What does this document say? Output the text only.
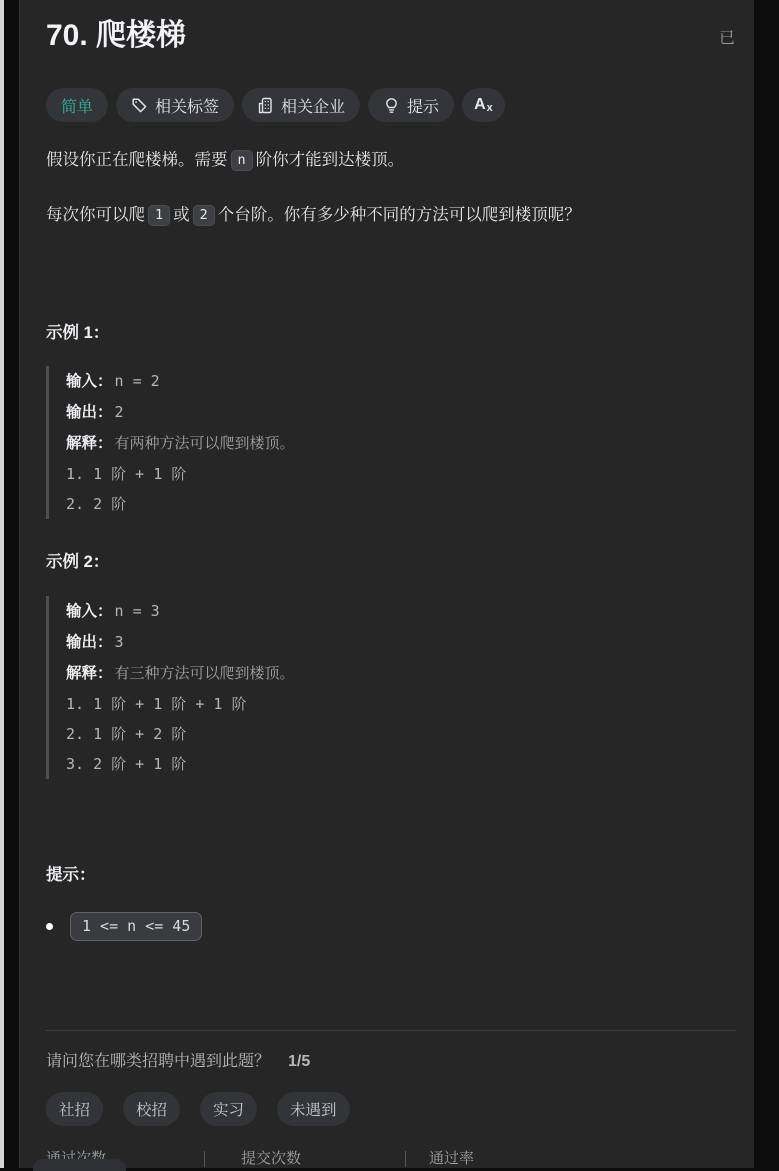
70. 爬楼梯	已
简单	相关标签	相关企业	提示 Ax

假设你正在爬楼梯。需要 n 阶你才能到达楼顶。

每次你可以爬 1 或 2 个台阶。你有多少种不同的方法可以爬到楼顶呢？

示例 1：
输入： n = 2
输出： 2
解释： 有两种方法可以爬到楼顶。
1. 1 阶 + 1 阶
2. 2 阶
示例 2：
输入： n = 3
输出： 3
解释： 有三种方法可以爬到楼顶。
1. 1 阶 + 1 阶 + 1 阶
2. 1 阶 + 2 阶
3. 2 阶 + 1 阶
提示：
1 <= n <= 45
请问您在哪类招聘中遇到此题？ 1/5
社招	校招	实习	未遇到
提交次数	通过率
